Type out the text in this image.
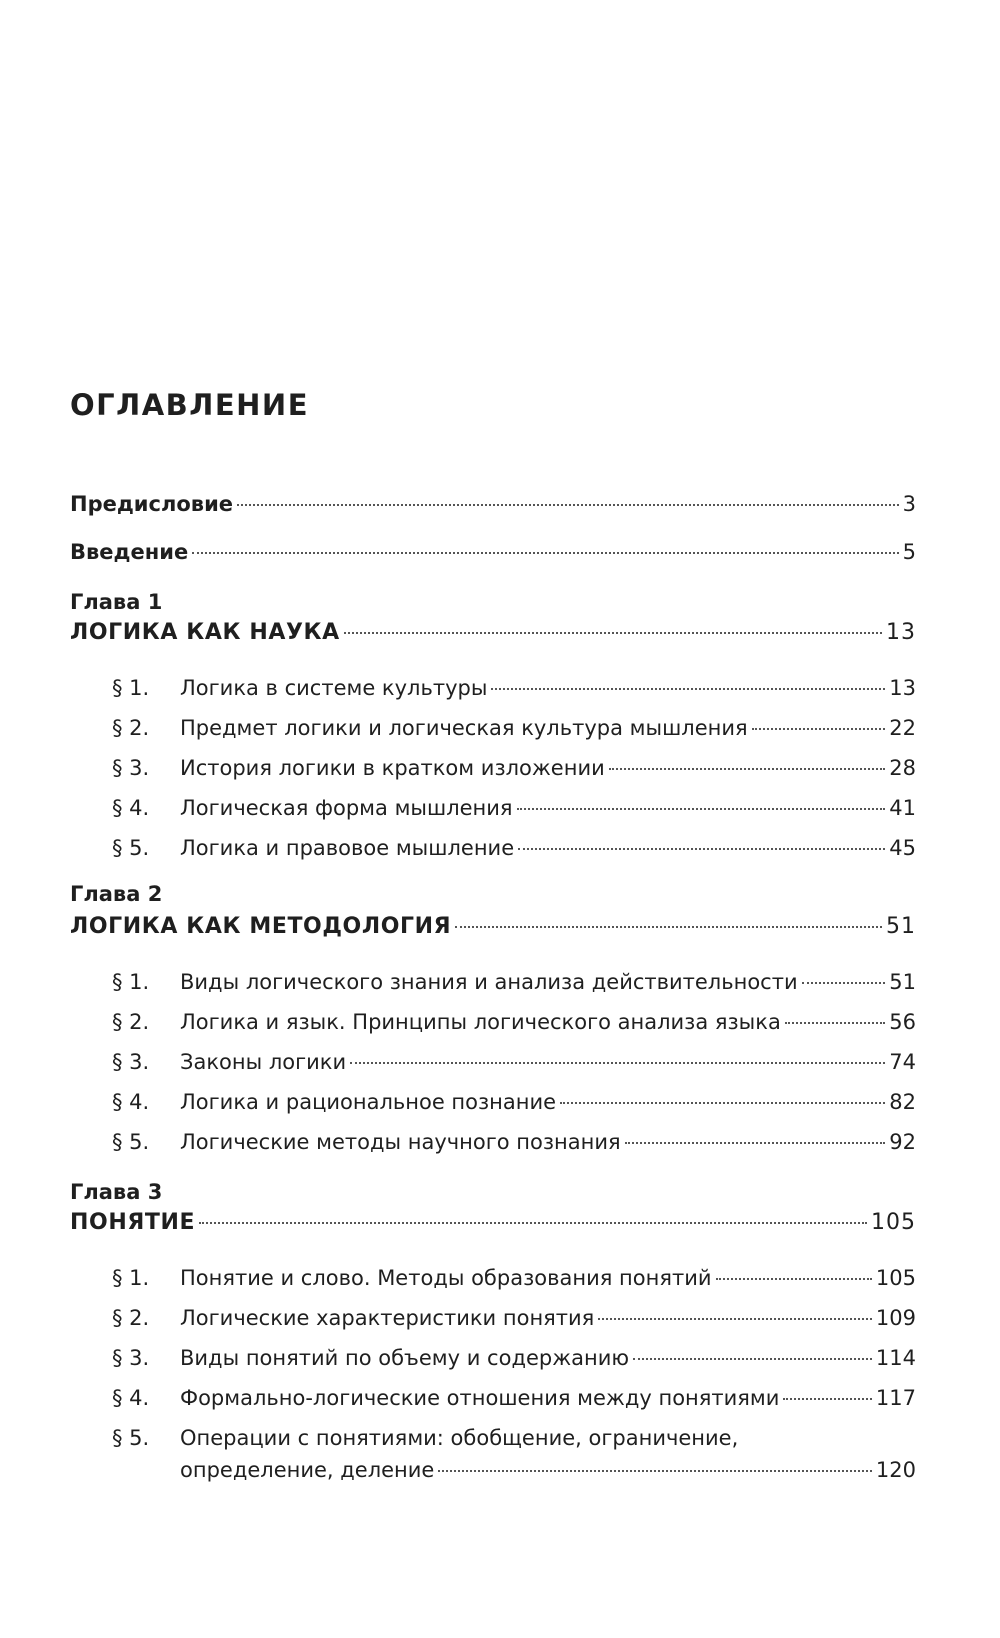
ОГЛАВЛЕНИЕ
Предисловие	3
Введение	5
Глава 1
ЛОГИКА КАК НАУКА	13
§ 1.	Логика в системе культуры	13
§ 2.	Предмет логики и логическая культура мышления	22
§ 3.	История логики в кратком изложении	28
§ 4.	Логическая форма мышления	41
§ 5.	Логика и правовое мышление	45
Глава 2
ЛОГИКА КАК МЕТОДОЛОГИЯ	51
§ 1.	Виды логического знания и анализа действительности	51
§ 2.	Логика и язык. Принципы логического анализа языка	56
§ 3.	Законы логики	74
§ 4.	Логика и рациональное познание	82
§ 5.	Логические методы научного познания	92
Глава 3
ПОНЯТИЕ	105
§ 1.	Понятие и слово. Методы образования понятий	105
§ 2.	Логические характеристики понятия	109
§ 3.	Виды понятий по объему и содержанию	114
§ 4.	Формально-логические отношения между понятиями	117
§ 5.	Операции с понятиями: обобщение, ограничение,
определение, деление	120
